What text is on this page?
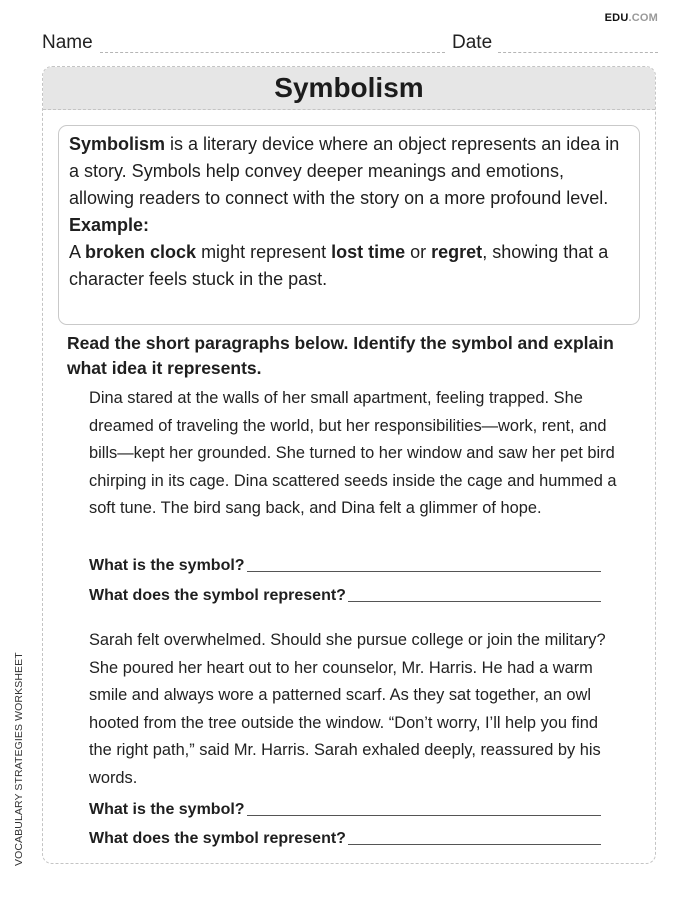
EDU.COM
Name	Date
VOCABULARY STRATEGIES WORKSHEET
Symbolism

Symbolism is a literary device where an object represents an idea in a story. Symbols help convey deeper meanings and emotions, allowing readers to connect with the story on a more profound level.

Example:

A broken clock might represent lost time or regret, showing that a character feels stuck in the past.

Read the short paragraphs below. Identify the symbol and explain what idea it represents.

Dina stared at the walls of her small apartment, feeling trapped. She dreamed of traveling the world, but her responsibilities—work, rent, and bills—kept her grounded. She turned to her window and saw her pet bird chirping in its cage. Dina scattered seeds inside the cage and hummed a soft tune. The bird sang back, and Dina felt a glimmer of hope.

What is the symbol?
What does the symbol represent?

Sarah felt overwhelmed. Should she pursue college or join the military? She poured her heart out to her counselor, Mr. Harris. He had a warm smile and always wore a patterned scarf. As they sat together, an owl hooted from the tree outside the window. “Don’t worry, I’ll help you find the right path,” said Mr. Harris. Sarah exhaled deeply, reassured by his words.

What is the symbol?
What does the symbol represent?
